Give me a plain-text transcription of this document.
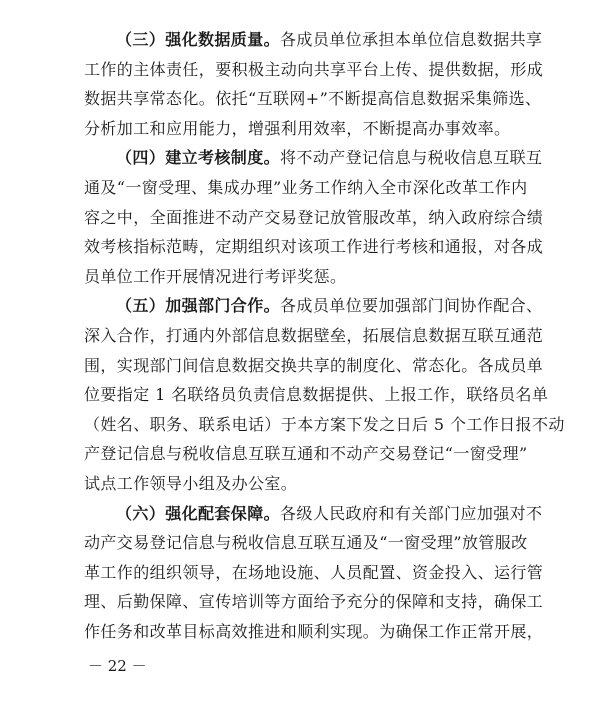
（三）强化数据质量。各成员单位承担本单位信息数据共享
工作的主体责任，要积极主动向共享平台上传、提供数据，形成
数据共享常态化。依托“互联网+”不断提高信息数据采集筛选、
分析加工和应用能力，增强利用效率，不断提高办事效率。
（四）建立考核制度。将不动产登记信息与税收信息互联互
通及“一窗受理、集成办理”业务工作纳入全市深化改革工作内
容之中，全面推进不动产交易登记放管服改革，纳入政府综合绩
效考核指标范畴，定期组织对该项工作进行考核和通报，对各成
员单位工作开展情况进行考评奖惩。
（五）加强部门合作。各成员单位要加强部门间协作配合、
深入合作，打通内外部信息数据壁垒，拓展信息数据互联互通范
围，实现部门间信息数据交换共享的制度化、常态化。各成员单
位要指定 1 名联络员负责信息数据提供、上报工作，联络员名单
（姓名、职务、联系电话）于本方案下发之日后 5 个工作日报不动
产登记信息与税收信息互联互通和不动产交易登记“一窗受理”
试点工作领导小组及办公室。
（六）强化配套保障。各级人民政府和有关部门应加强对不
动产交易登记信息与税收信息互联互通及“一窗受理”放管服改
革工作的组织领导，在场地设施、人员配置、资金投入、运行管
理、后勤保障、宣传培训等方面给予充分的保障和支持，确保工
作任务和改革目标高效推进和顺利实现。为确保工作正常开展，
－ 22 －
